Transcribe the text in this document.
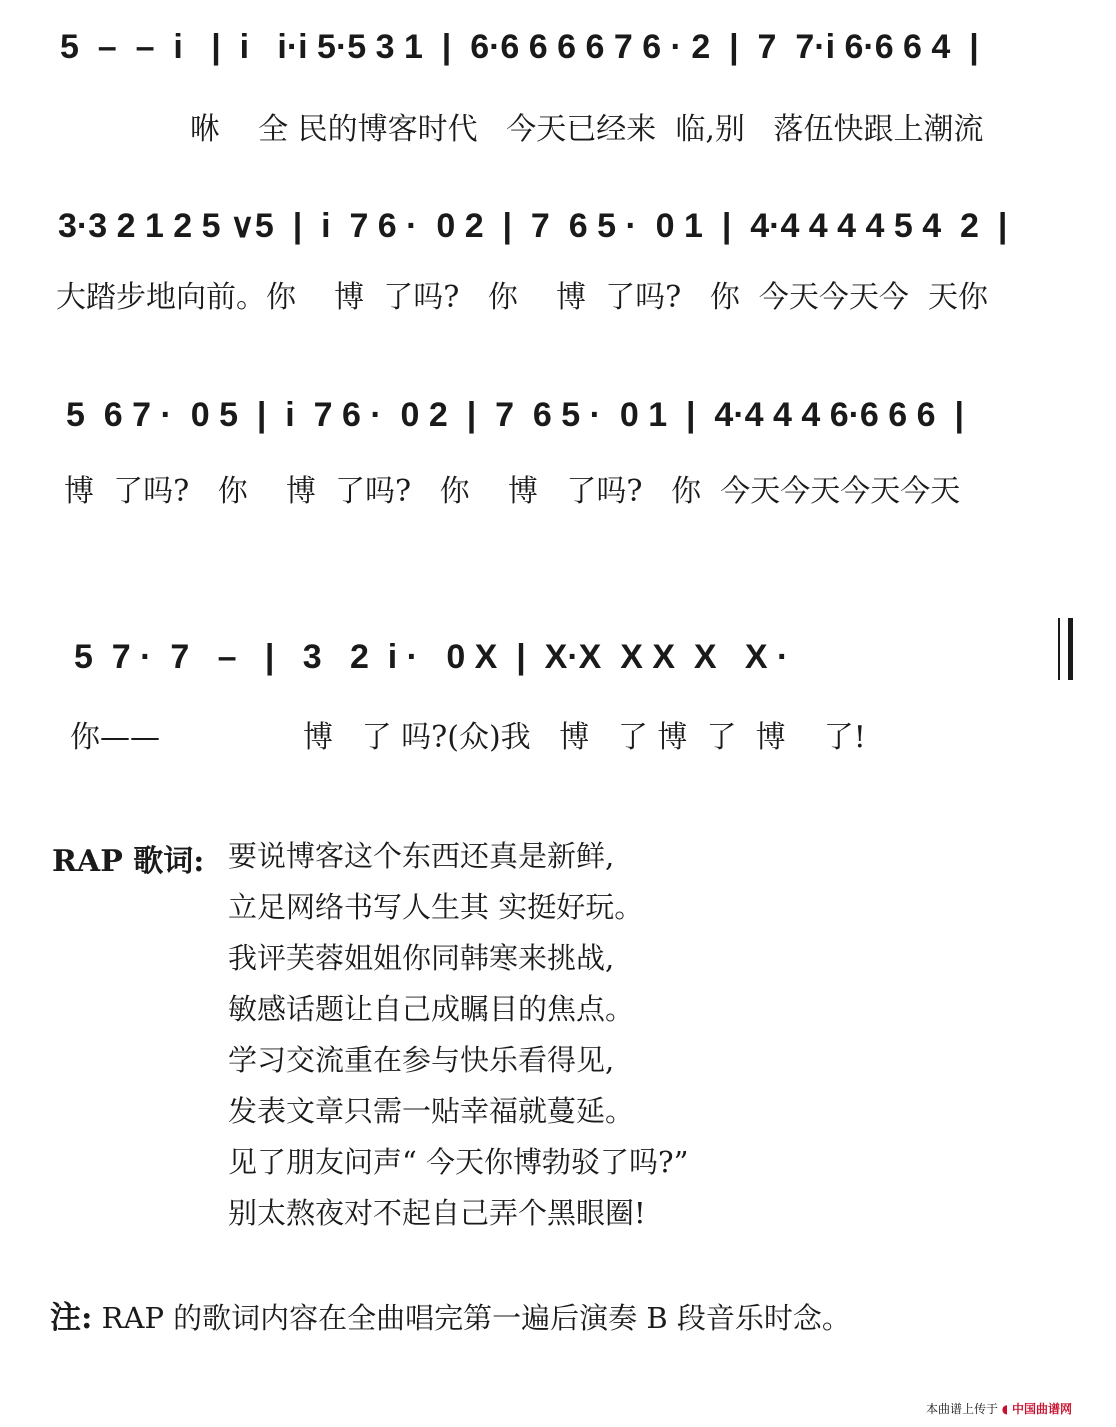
5  –  –  i   |  i   i·i 5·5 3 1  |  6·6 6 6 6 7 6 · 2  |  7  7·i 6·6 6 4  |
咻    全 民的博客时代   今天已经来  临,别   落伍快跟上潮流
3·3 2 1 2 5 ∨5  |  i  7 6 ·  0 2  |  7  6 5 ·  0 1  |  4·4 4 4 4 5 4  2  |
大踏步地向前。你    博  了吗?   你    博  了吗?   你  今天今天今  天你
5  6 7 ·  0 5  |  i  7 6 ·  0 2  |  7  6 5 ·  0 1  |  4·4 4 4 6·6 6 6  |
博  了吗?   你    博  了吗?   你    博   了吗?   你  今天今天今天今天
5  7 ·  7   –   |   3   2  i ·   0 X  |  X·X  X X  X   X ·
你——               博   了 吗?(众)我   博   了 博  了  博    了!
RAP 歌词: 要说博客这个东西还真是新鲜,
立足网络书写人生其 实挺好玩。
我评芙蓉姐姐你同韩寒来挑战,
敏感话题让自己成瞩目的焦点。
学习交流重在参与快乐看得见,
发表文章只需一贴幸福就蔓延。
见了朋友问声“ 今天你博勃驳了吗?”
别太熬夜对不起自己弄个黑眼圈!
注: RAP 的歌词内容在全曲唱完第一遍后演奏 B 段音乐时念。
本曲谱上传于 ◖ 中国曲谱网
